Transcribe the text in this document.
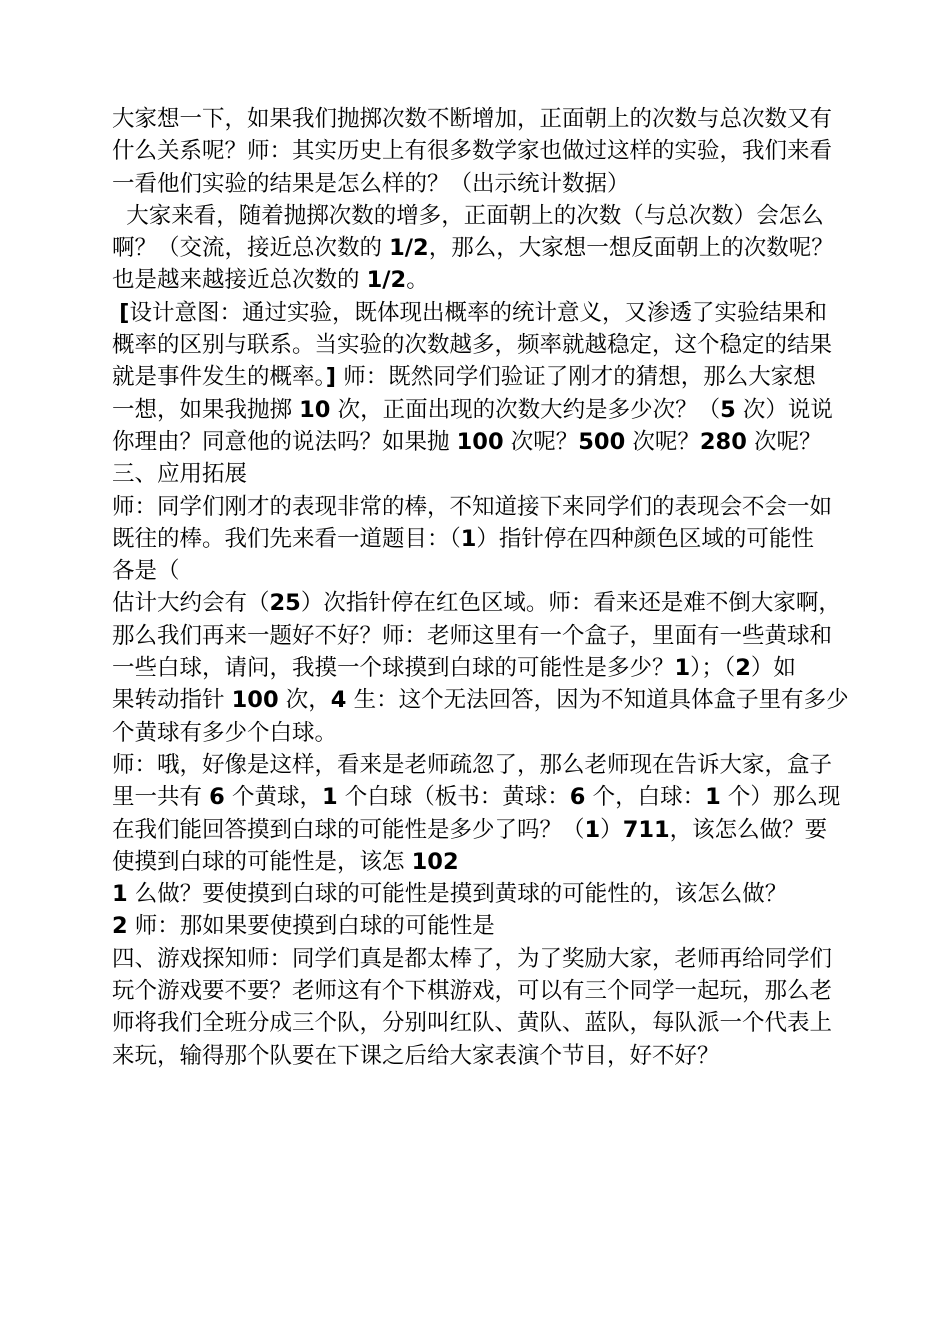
大家想一下，如果我们抛掷次数不断增加，正面朝上的次数与总次数又有
什么关系呢？师：其实历史上有很多数学家也做过这样的实验，我们来看
一看他们实验的结果是怎么样的？（出示统计数据）
大家来看，随着抛掷次数的增多，正面朝上的次数（与总次数）会怎么
啊？（交流，接近总次数的 1/2，那么，大家想一想反面朝上的次数呢？
也是越来越接近总次数的 1/2。
[设计意图：通过实验，既体现出概率的统计意义，又渗透了实验结果和
概率的区别与联系。当实验的次数越多，频率就越稳定，这个稳定的结果
就是事件发生的概率。] 师：既然同学们验证了刚才的猜想，那么大家想
一想，如果我抛掷 10 次，正面出现的次数大约是多少次？（5 次）说说
你理由？同意他的说法吗？如果抛 100 次呢？500 次呢？280 次呢？
三、应用拓展
师：同学们刚才的表现非常的棒，不知道接下来同学们的表现会不会一如
既往的棒。我们先来看一道题目：（1）指针停在四种颜色区域的可能性
各是（
估计大约会有（25）次指针停在红色区域。师：看来还是难不倒大家啊，
那么我们再来一题好不好？师：老师这里有一个盒子，里面有一些黄球和
一些白球，请问，我摸一个球摸到白球的可能性是多少？1）；（2）如
果转动指针 100 次，4 生：这个无法回答，因为不知道具体盒子里有多少
个黄球有多少个白球。
师：哦，好像是这样，看来是老师疏忽了，那么老师现在告诉大家，盒子
里一共有 6 个黄球，1 个白球（板书：黄球：6 个，白球：1 个）那么现
在我们能回答摸到白球的可能性是多少了吗？（1）711，该怎么做？要
使摸到白球的可能性是，该怎 102
1 么做？要使摸到白球的可能性是摸到黄球的可能性的，该怎么做？
2 师：那如果要使摸到白球的可能性是
四、游戏探知师：同学们真是都太棒了，为了奖励大家，老师再给同学们
玩个游戏要不要？老师这有个下棋游戏，可以有三个同学一起玩，那么老
师将我们全班分成三个队，分别叫红队、黄队、蓝队，每队派一个代表上
来玩，输得那个队要在下课之后给大家表演个节目，好不好？
